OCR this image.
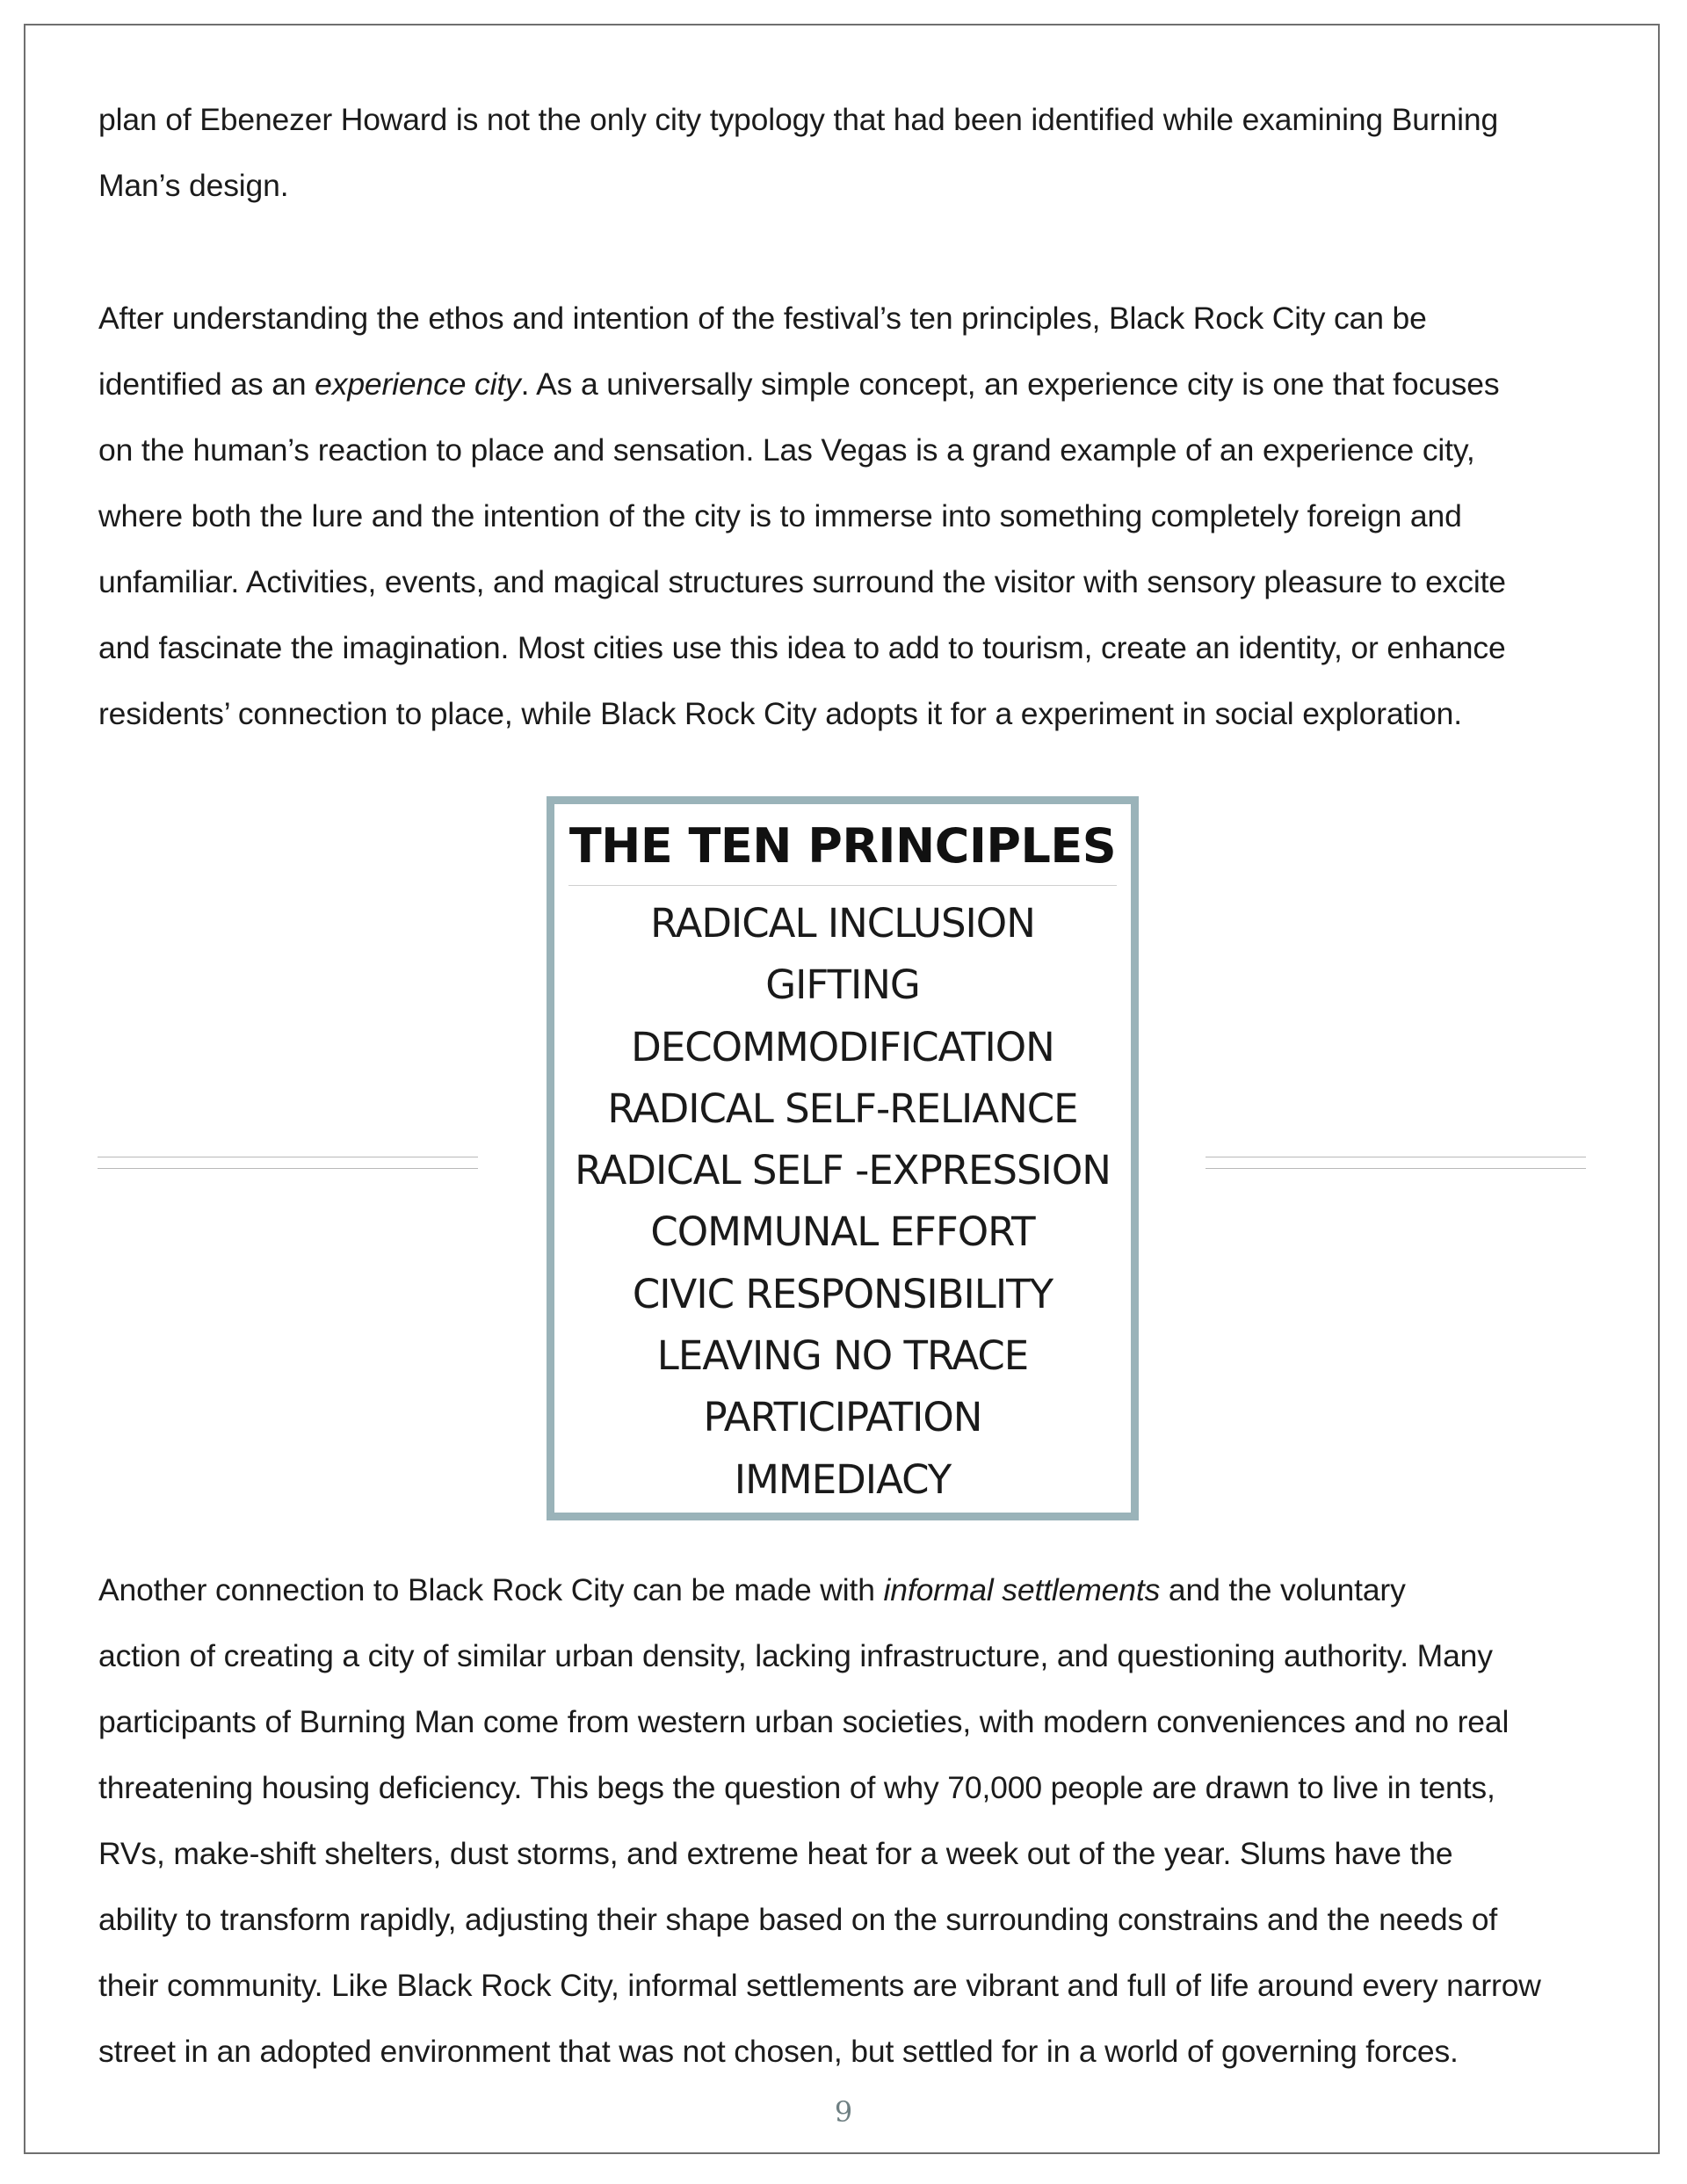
plan of Ebenezer Howard is not the only city typology that had been identified while examining Burning

Man’s design.

After understanding the ethos and intention of the festival’s ten principles, Black Rock City can be

identified as an experience city. As a universally simple concept, an experience city is one that focuses

on the human’s reaction to place and sensation. Las Vegas is a grand example of an experience city,

where both the lure and the intention of the city is to immerse into something completely foreign and

unfamiliar. Activities, events, and magical structures surround the visitor with sensory pleasure to excite

and fascinate the imagination. Most cities use this idea to add to tourism, create an identity, or enhance

residents’ connection to place, while Black Rock City adopts it for a experiment in social exploration.

THE TEN PRINCIPLES
RADICAL INCLUSION
GIFTING
DECOMMODIFICATION
RADICAL SELF-RELIANCE
RADICAL SELF -EXPRESSION
COMMUNAL EFFORT
CIVIC RESPONSIBILITY
LEAVING NO TRACE
PARTICIPATION
IMMEDIACY

Another connection to Black Rock City can be made with informal settlements and the voluntary

action of creating a city of similar urban density, lacking infrastructure, and questioning authority. Many

participants of Burning Man come from western urban societies, with modern conveniences and no real

threatening housing deficiency. This begs the question of why 70,000 people are drawn to live in tents,

RVs, make-shift shelters, dust storms, and extreme heat for a week out of the year. Slums have the

ability to transform rapidly, adjusting their shape based on the surrounding constrains and the needs of

their community. Like Black Rock City, informal settlements are vibrant and full of life around every narrow

street in an adopted environment that was not chosen, but settled for in a world of governing forces.

9
